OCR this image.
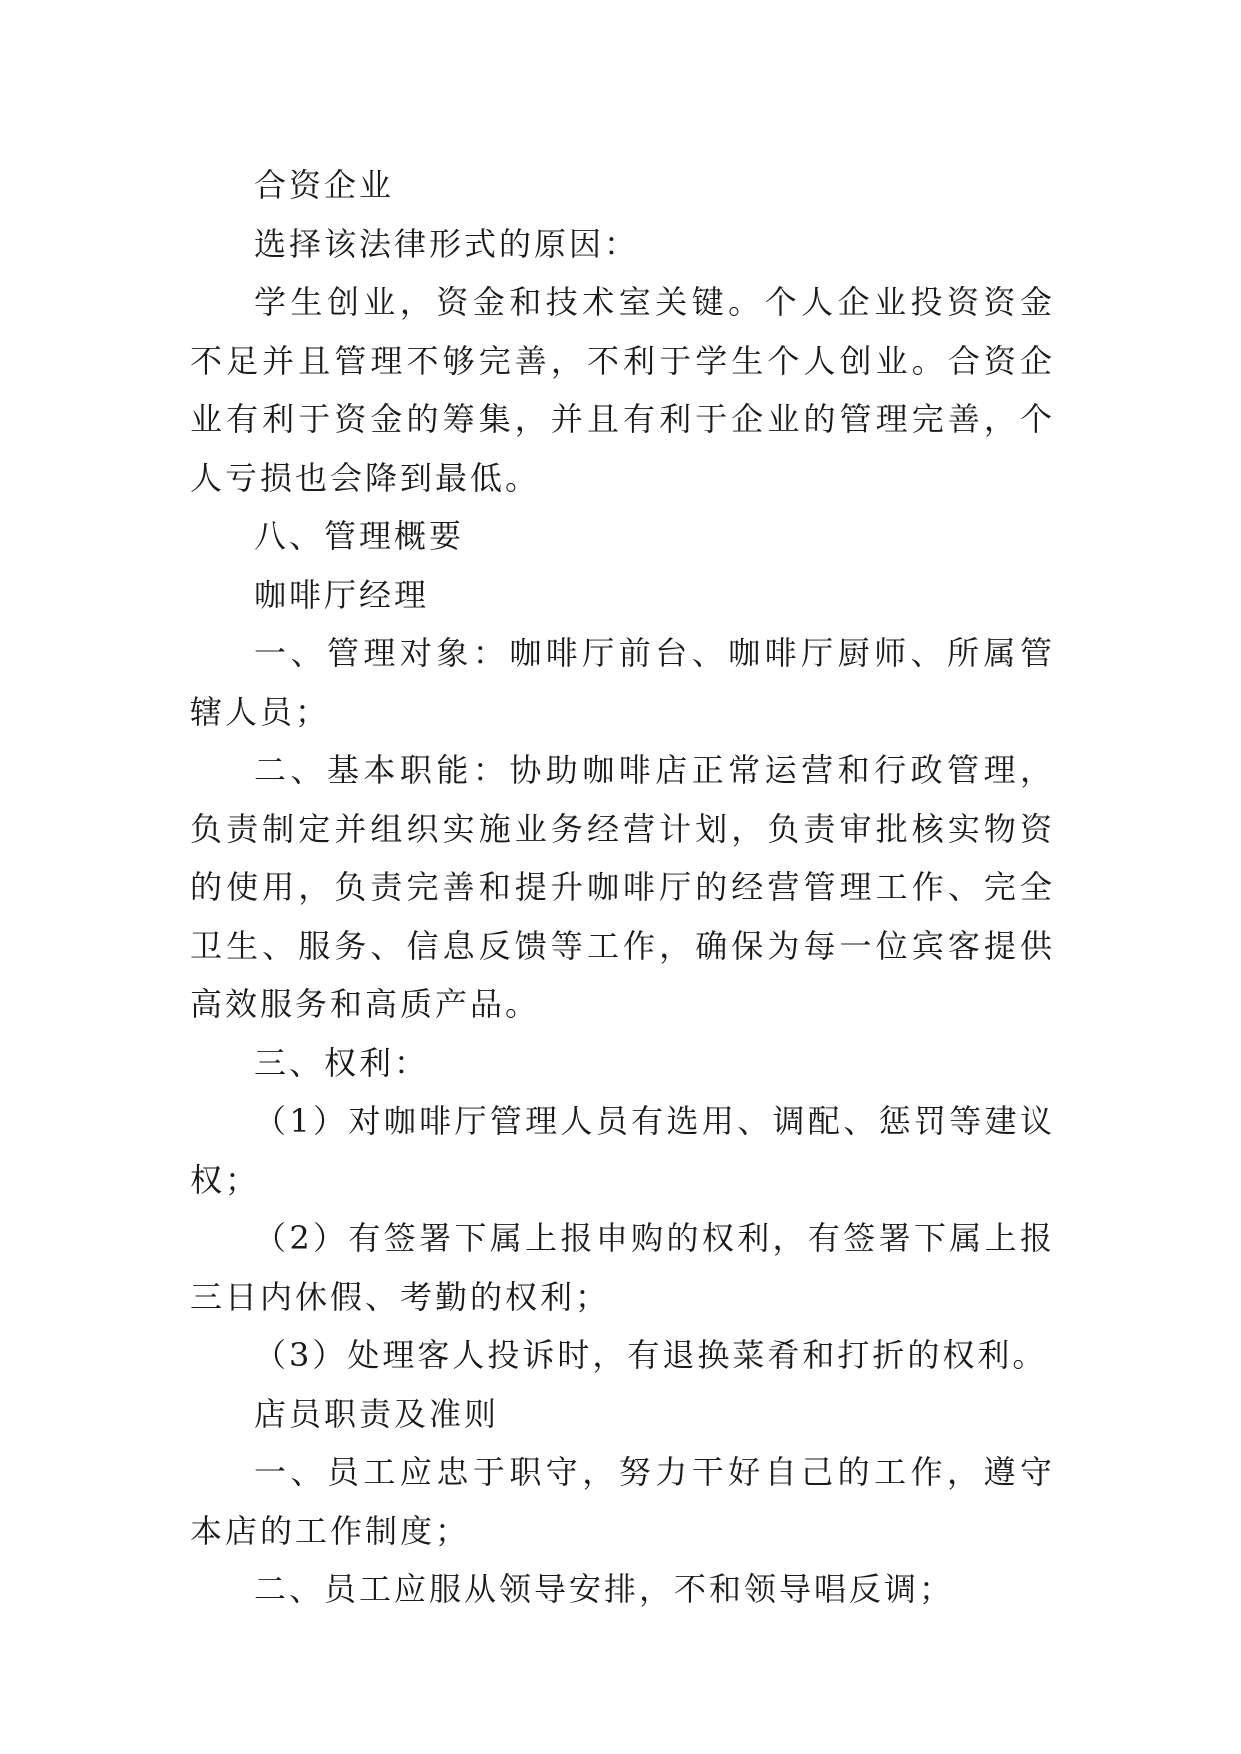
合资企业

选择该法律形式的原因：

学生创业，资金和技术室关键。个人企业投资资金不足并且管理不够完善，不利于学生个人创业。合资企业有利于资金的筹集，并且有利于企业的管理完善，个人亏损也会降到最低。

八、管理概要

咖啡厅经理

一、管理对象：咖啡厅前台、咖啡厅厨师、所属管辖人员；

二、基本职能：协助咖啡店正常运营和行政管理，负责制定并组织实施业务经营计划，负责审批核实物资的使用，负责完善和提升咖啡厅的经营管理工作、完全卫生、服务、信息反馈等工作，确保为每一位宾客提供高效服务和高质产品。

三、权利：

（1）对咖啡厅管理人员有选用、调配、惩罚等建议权；

（2）有签署下属上报申购的权利，有签署下属上报三日内休假、考勤的权利；

（3）处理客人投诉时，有退换菜肴和打折的权利。

店员职责及准则

一、员工应忠于职守，努力干好自己的工作，遵守本店的工作制度；

二、员工应服从领导安排，不和领导唱反调；
